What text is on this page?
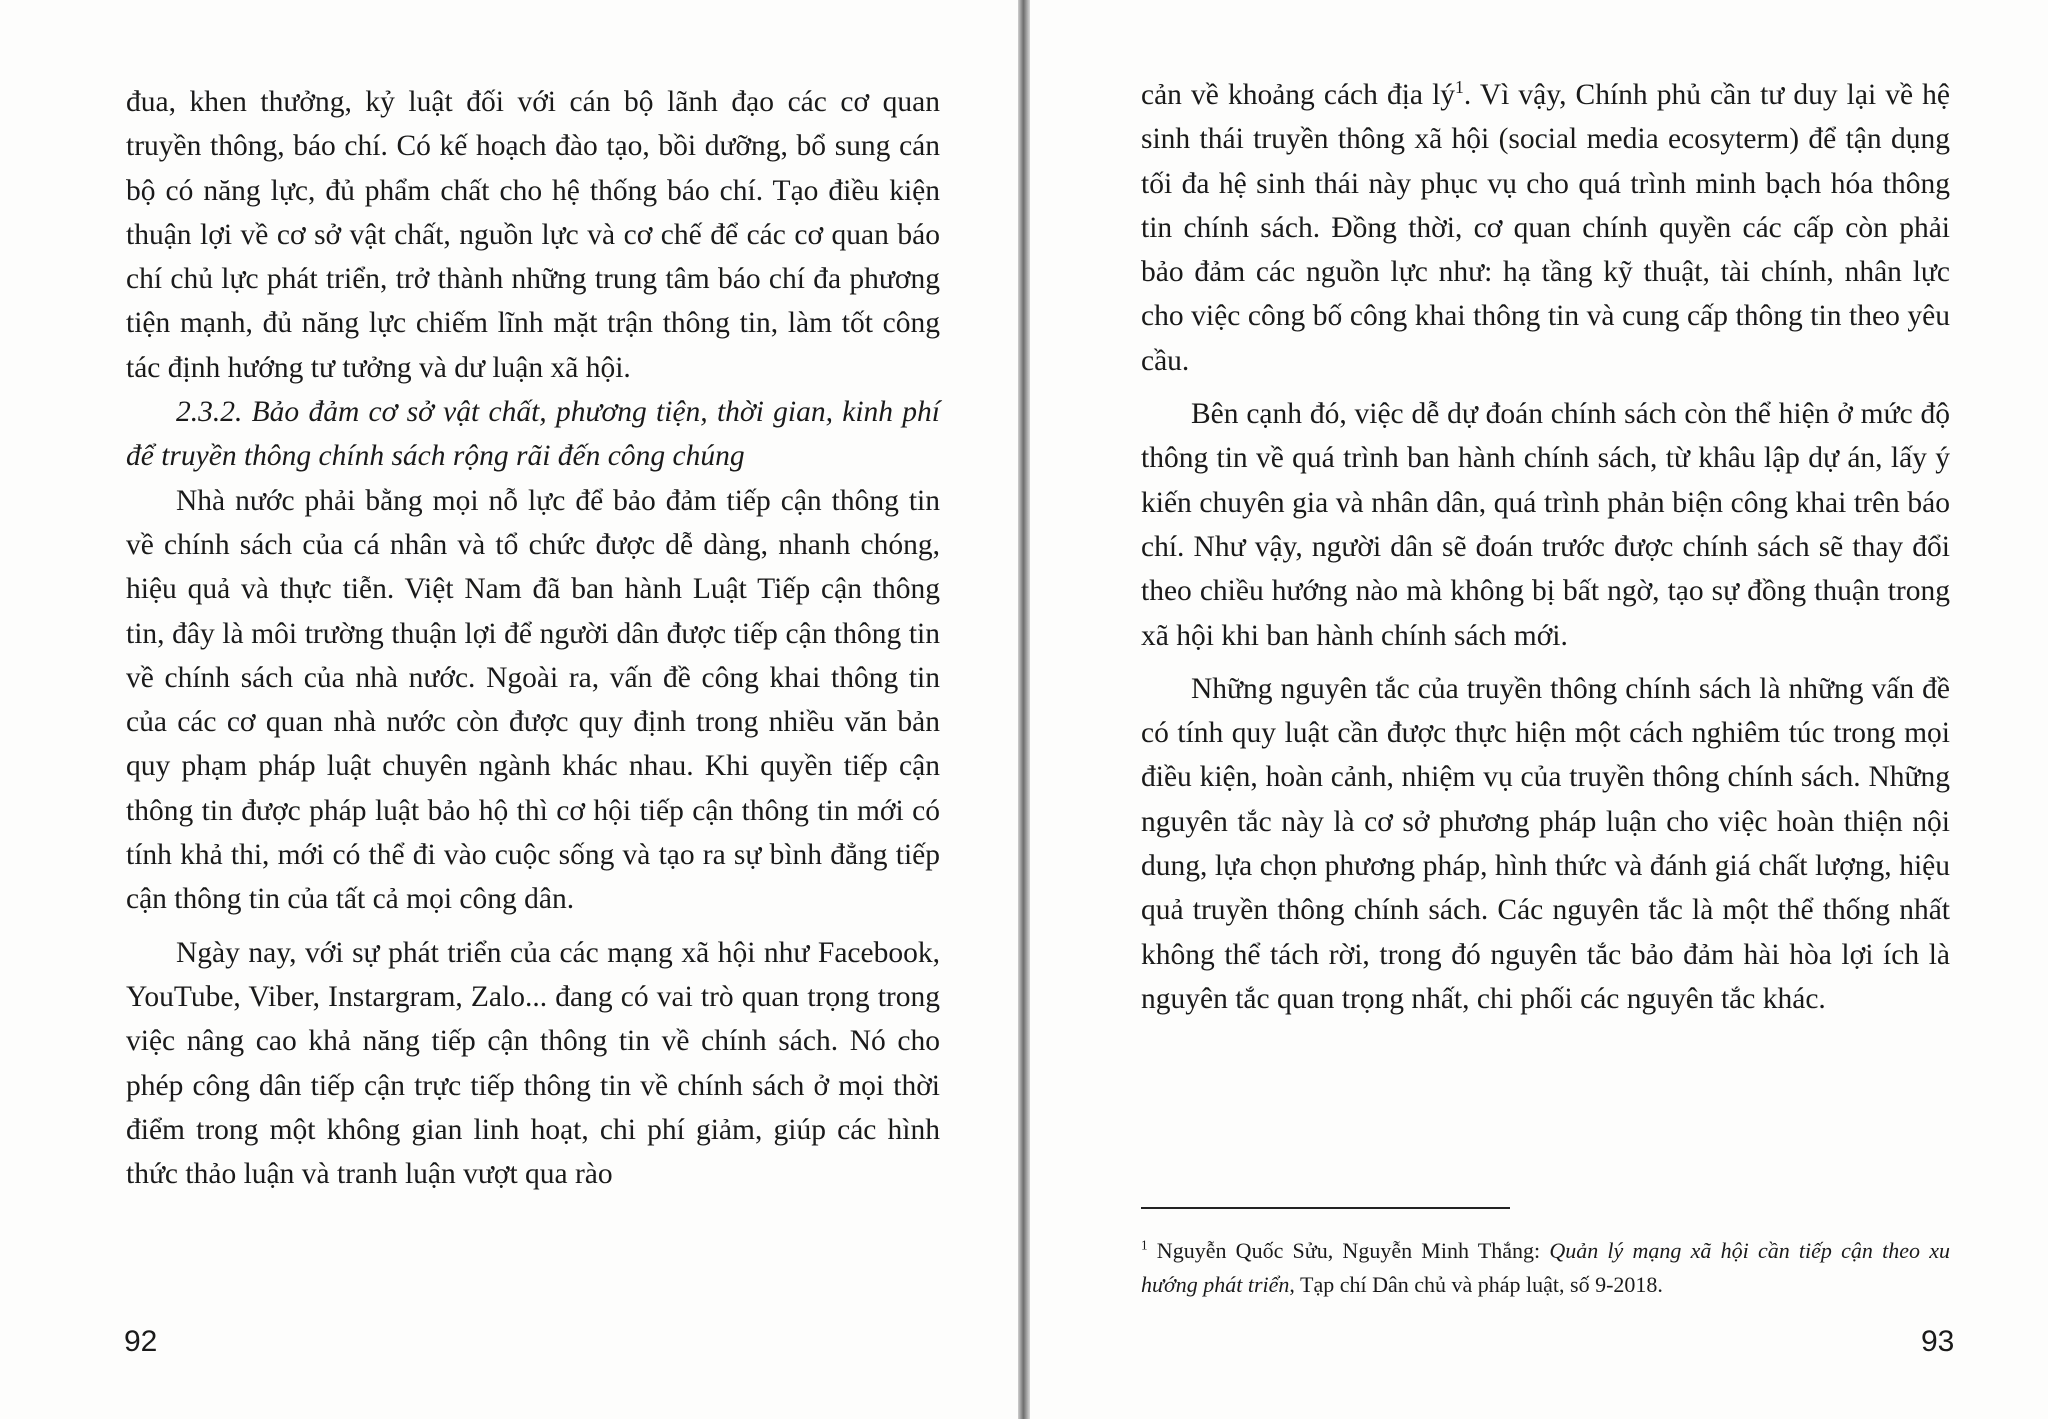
đua, khen thưởng, kỷ luật đối với cán bộ lãnh đạo các cơ quan truyền thông, báo chí. Có kế hoạch đào tạo, bồi dưỡng, bổ sung cán bộ có năng lực, đủ phẩm chất cho hệ thống báo chí. Tạo điều kiện thuận lợi về cơ sở vật chất, nguồn lực và cơ chế để các cơ quan báo chí chủ lực phát triển, trở thành những trung tâm báo chí đa phương tiện mạnh, đủ năng lực chiếm lĩnh mặt trận thông tin, làm tốt công tác định hướng tư tưởng và dư luận xã hội.

2.3.2. Bảo đảm cơ sở vật chất, phương tiện, thời gian, kinh phí để truyền thông chính sách rộng rãi đến công chúng

Nhà nước phải bằng mọi nỗ lực để bảo đảm tiếp cận thông tin về chính sách của cá nhân và tổ chức được dễ dàng, nhanh chóng, hiệu quả và thực tiễn. Việt Nam đã ban hành Luật Tiếp cận thông tin, đây là môi trường thuận lợi để người dân được tiếp cận thông tin về chính sách của nhà nước. Ngoài ra, vấn đề công khai thông tin của các cơ quan nhà nước còn được quy định trong nhiều văn bản quy phạm pháp luật chuyên ngành khác nhau. Khi quyền tiếp cận thông tin được pháp luật bảo hộ thì cơ hội tiếp cận thông tin mới có tính khả thi, mới có thể đi vào cuộc sống và tạo ra sự bình đẳng tiếp cận thông tin của tất cả mọi công dân.

Ngày nay, với sự phát triển của các mạng xã hội như Facebook, YouTube, Viber, Instargram, Zalo... đang có vai trò quan trọng trong việc nâng cao khả năng tiếp cận thông tin về chính sách. Nó cho phép công dân tiếp cận trực tiếp thông tin về chính sách ở mọi thời điểm trong một không gian linh hoạt, chi phí giảm, giúp các hình thức thảo luận và tranh luận vượt qua rào

92

cản về khoảng cách địa $lý^1$. Vì vậy, Chính phủ cần tư duy lại về hệ sinh thái truyền thông xã hội (social media ecosyterm) để tận dụng tối đa hệ sinh thái này phục vụ cho quá trình minh bạch hóa thông tin chính sách. Đồng thời, cơ quan chính quyền các cấp còn phải bảo đảm các nguồn lực như: hạ tầng kỹ thuật, tài chính, nhân lực cho việc công bố công khai thông tin và cung cấp thông tin theo yêu cầu.

Bên cạnh đó, việc dễ dự đoán chính sách còn thể hiện ở mức độ thông tin về quá trình ban hành chính sách, từ khâu lập dự án, lấy ý kiến chuyên gia và nhân dân, quá trình phản biện công khai trên báo chí. Như vậy, người dân sẽ đoán trước được chính sách sẽ thay đổi theo chiều hướng nào mà không bị bất ngờ, tạo sự đồng thuận trong xã hội khi ban hành chính sách mới.

Những nguyên tắc của truyền thông chính sách là những vấn đề có tính quy luật cần được thực hiện một cách nghiêm túc trong mọi điều kiện, hoàn cảnh, nhiệm vụ của truyền thông chính sách. Những nguyên tắc này là cơ sở phương pháp luận cho việc hoàn thiện nội dung, lựa chọn phương pháp, hình thức và đánh giá chất lượng, hiệu quả truyền thông chính sách. Các nguyên tắc là một thể thống nhất không thể tách rời, trong đó nguyên tắc bảo đảm hài hòa lợi ích là nguyên tắc quan trọng nhất, chi phối các nguyên tắc khác.

$^1$ Nguyễn Quốc Sửu, Nguyễn Minh Thắng: Quản lý mạng xã hội cần tiếp cận theo xu hướng phát triển, Tạp chí Dân chủ và pháp luật, số 9-2018.
93
